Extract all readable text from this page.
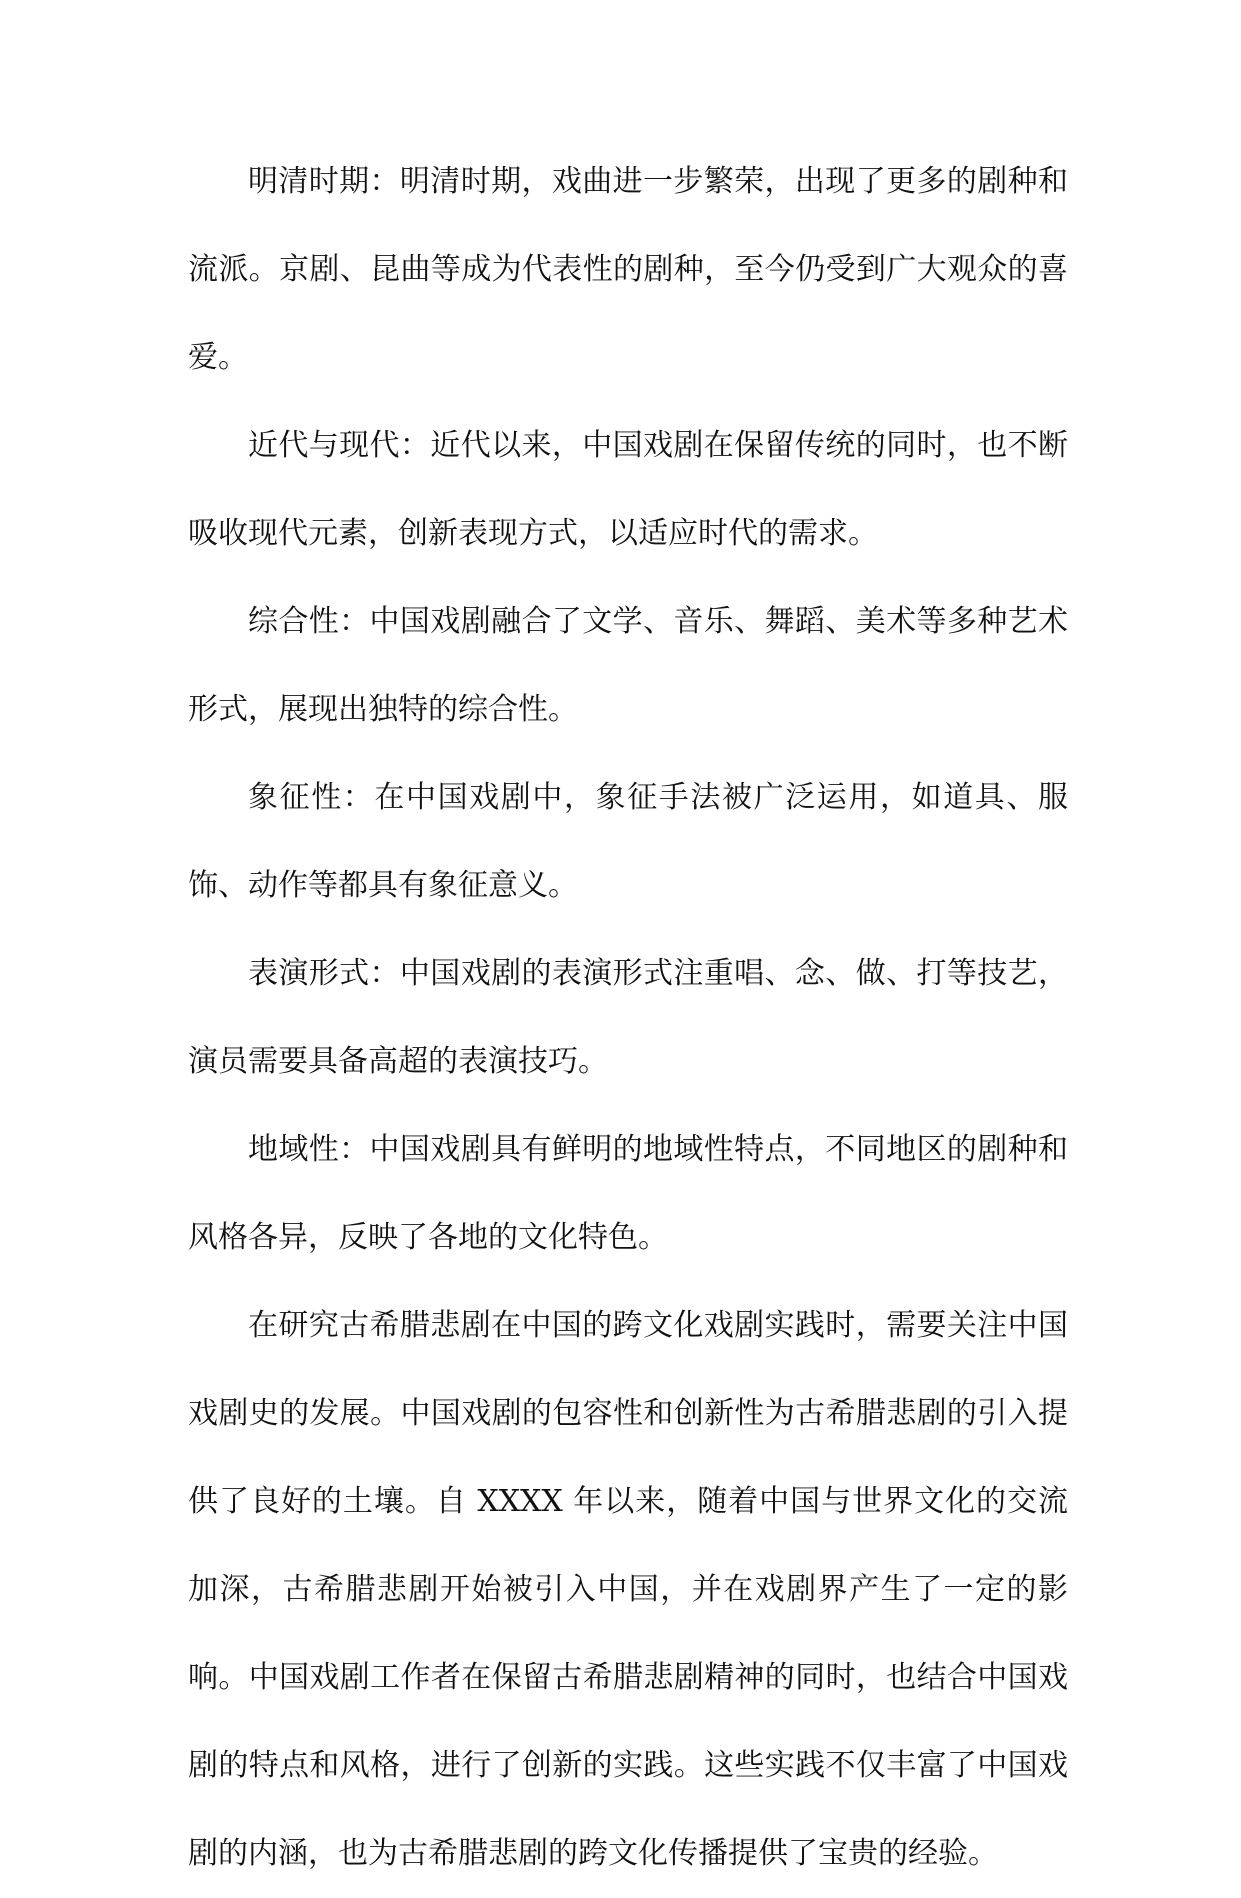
明清时期：明清时期，戏曲进一步繁荣，出现了更多的剧种和流派。京剧、昆曲等成为代表性的剧种，至今仍受到广大观众的喜爱。

近代与现代：近代以来，中国戏剧在保留传统的同时，也不断吸收现代元素，创新表现方式，以适应时代的需求。

综合性：中国戏剧融合了文学、音乐、舞蹈、美术等多种艺术形式，展现出独特的综合性。

象征性：在中国戏剧中，象征手法被广泛运用，如道具、服饰、动作等都具有象征意义。

表演形式：中国戏剧的表演形式注重唱、念、做、打等技艺，演员需要具备高超的表演技巧。

地域性：中国戏剧具有鲜明的地域性特点，不同地区的剧种和风格各异，反映了各地的文化特色。

在研究古希腊悲剧在中国的跨文化戏剧实践时，需要关注中国戏剧史的发展。中国戏剧的包容性和创新性为古希腊悲剧的引入提供了良好的土壤。自 XXXX 年以来，随着中国与世界文化的交流加深，古希腊悲剧开始被引入中国，并在戏剧界产生了一定的影响。中国戏剧工作者在保留古希腊悲剧精神的同时，也结合中国戏剧的特点和风格，进行了创新的实践。这些实践不仅丰富了中国戏剧的内涵，也为古希腊悲剧的跨文化传播提供了宝贵的经验。
